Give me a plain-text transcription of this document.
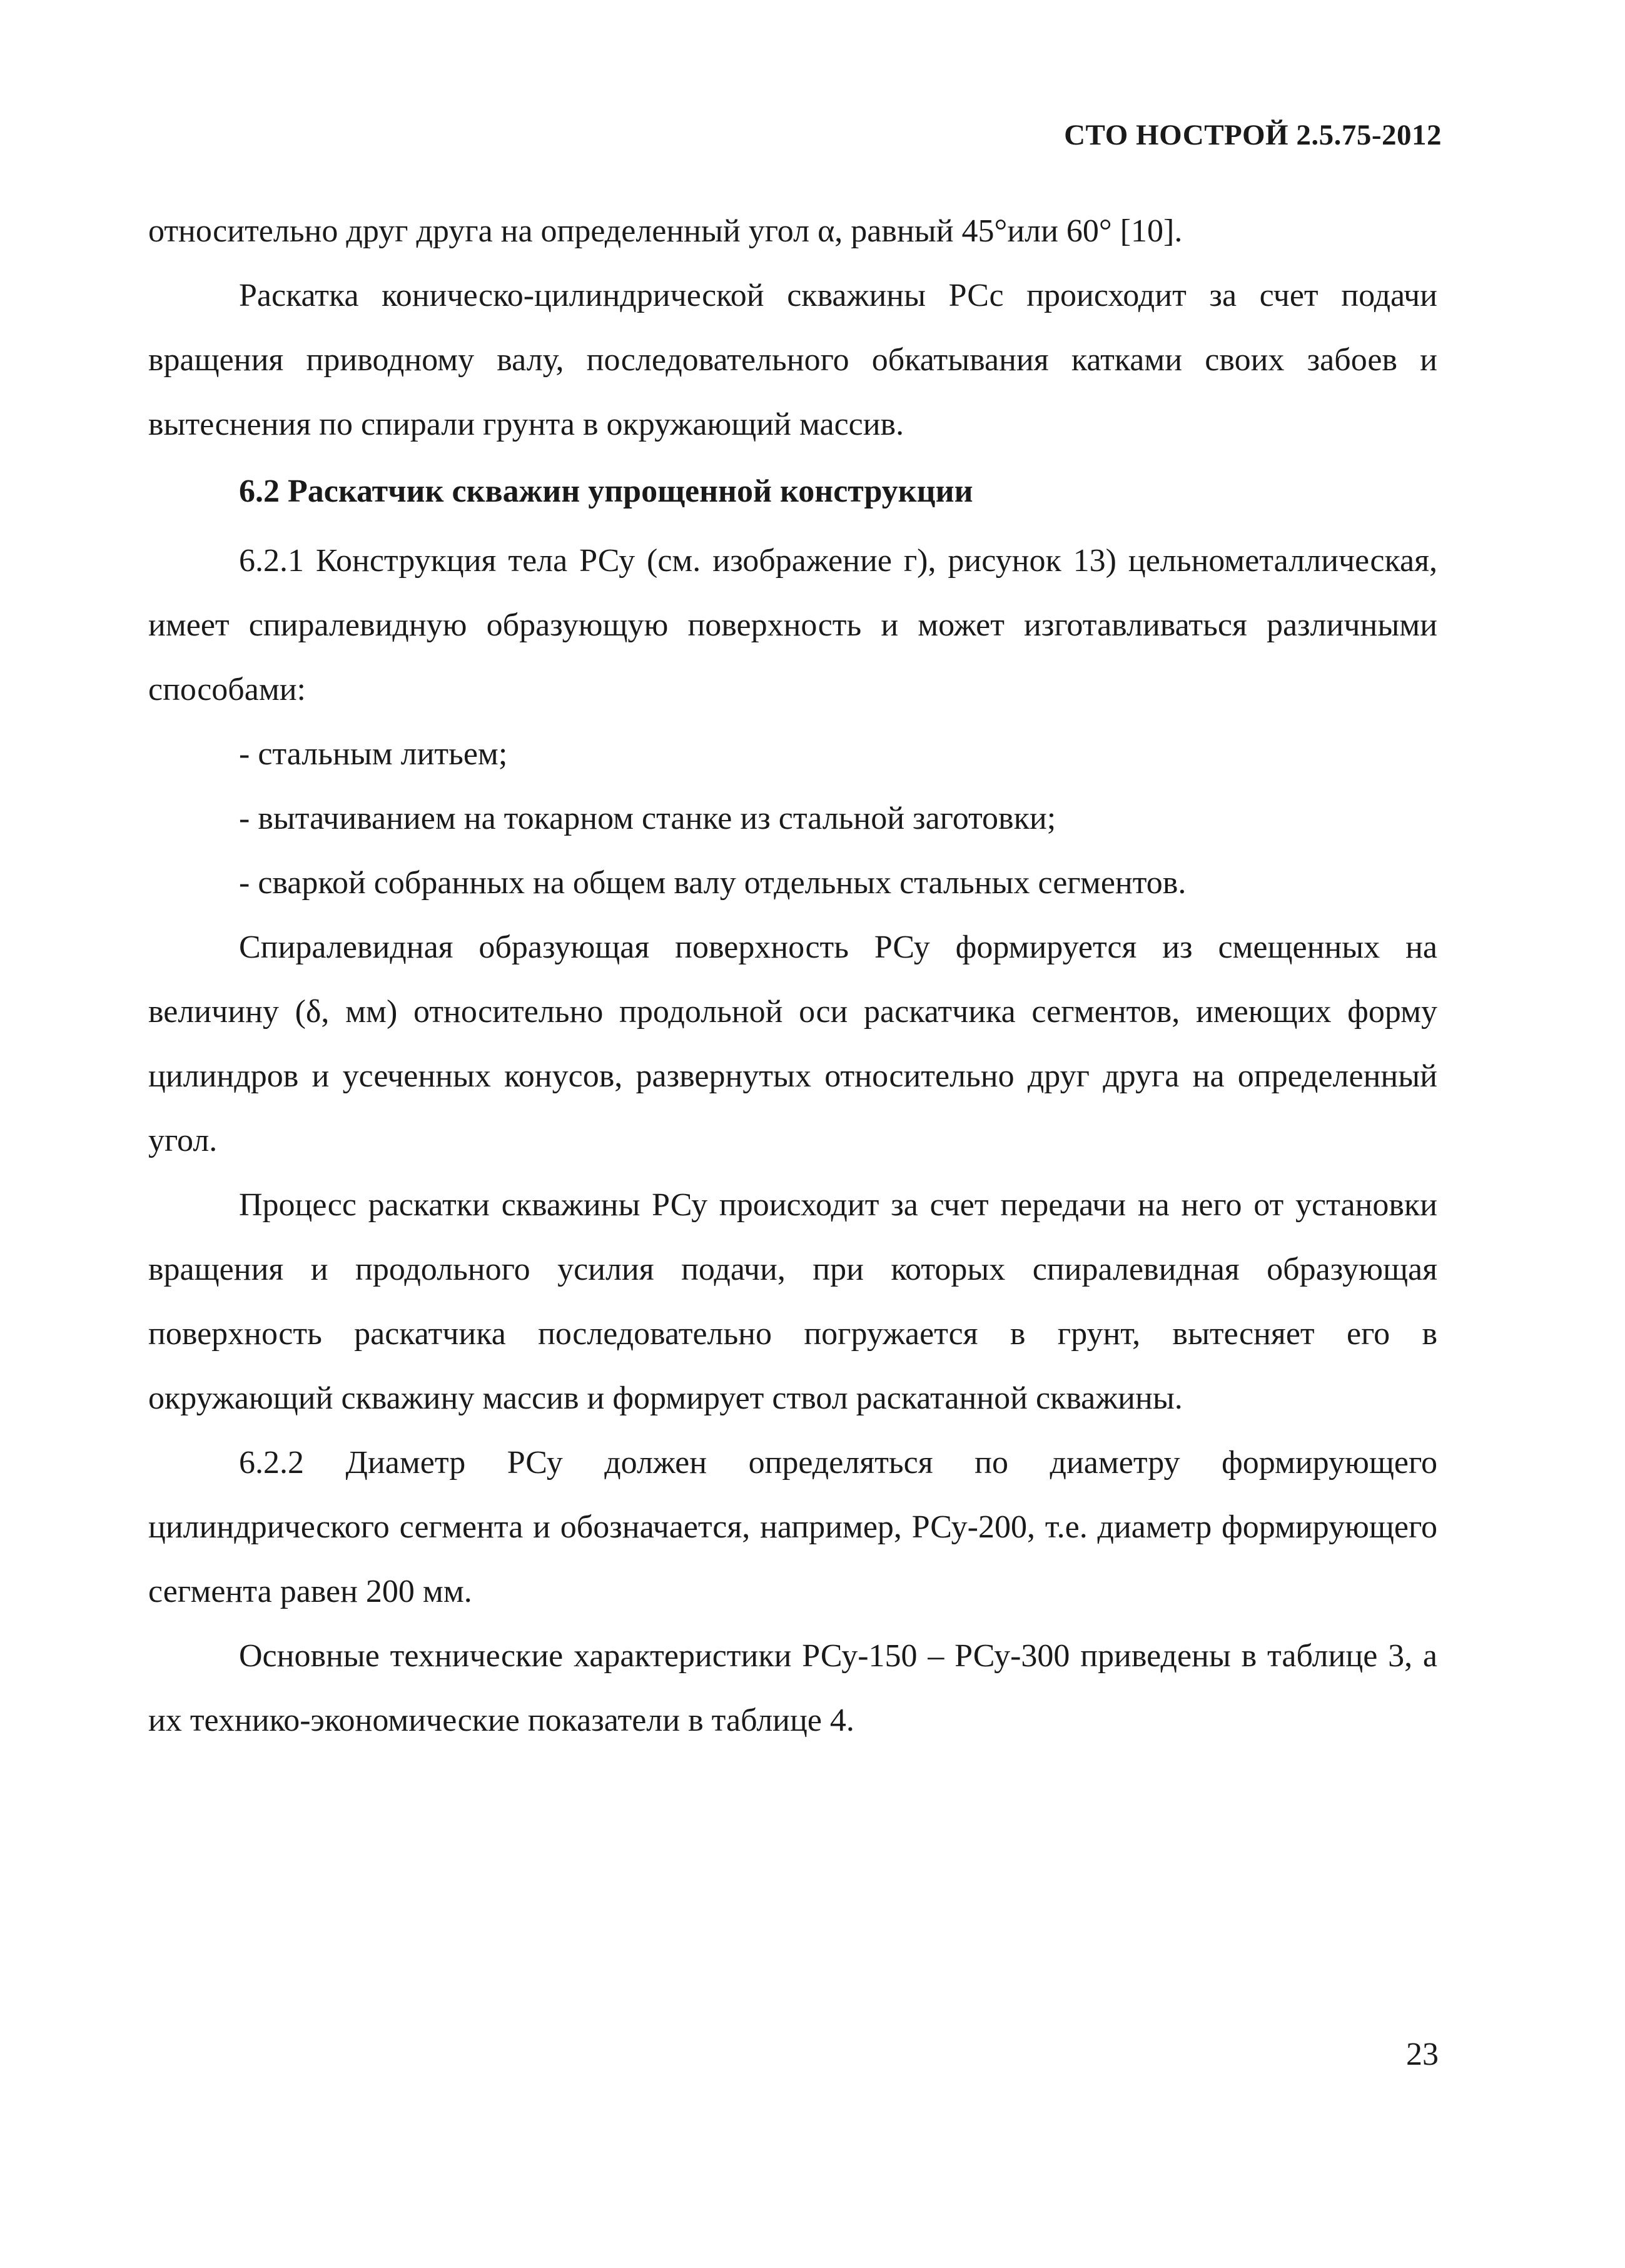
СТО НОСТРОЙ 2.5.75-2012

относительно друг друга на определенный угол α, равный 45°или 60° [10].

Раскатка коническо-цилиндрической скважины РСс происходит за счет подачи вращения приводному валу, последовательного обкатывания катками своих забоев и вытеснения по спирали грунта в окружающий массив.

6.2 Раскатчик скважин упрощенной конструкции

6.2.1 Конструкция тела РСу (см. изображение г), рисунок 13) цельнометаллическая, имеет спиралевидную образующую поверхность и может изготавливаться различными способами:

- стальным литьем;

- вытачиванием на токарном станке из стальной заготовки;

- сваркой собранных на общем валу отдельных стальных сегментов.

Спиралевидная образующая поверхность РСу формируется из смещенных на величину (δ, мм) относительно продольной оси раскатчика сегментов, имеющих форму цилиндров и усеченных конусов, развернутых относительно друг друга на определенный угол.

Процесс раскатки скважины РСу происходит за счет передачи на него от установки вращения и продольного усилия подачи, при которых спиралевидная образующая поверхность раскатчика последовательно погружается в грунт, вытесняет его в окружающий скважину массив и формирует ствол раскатанной скважины.

6.2.2 Диаметр РСу должен определяться по диаметру формирующего цилиндрического сегмента и обозначается, например, РСу-200, т.е. диаметр формирующего сегмента равен 200 мм.

Основные технические характеристики РСу-150 – РСу-300 приведены в таблице 3, а их технико-экономические показатели в таблице 4.

23
